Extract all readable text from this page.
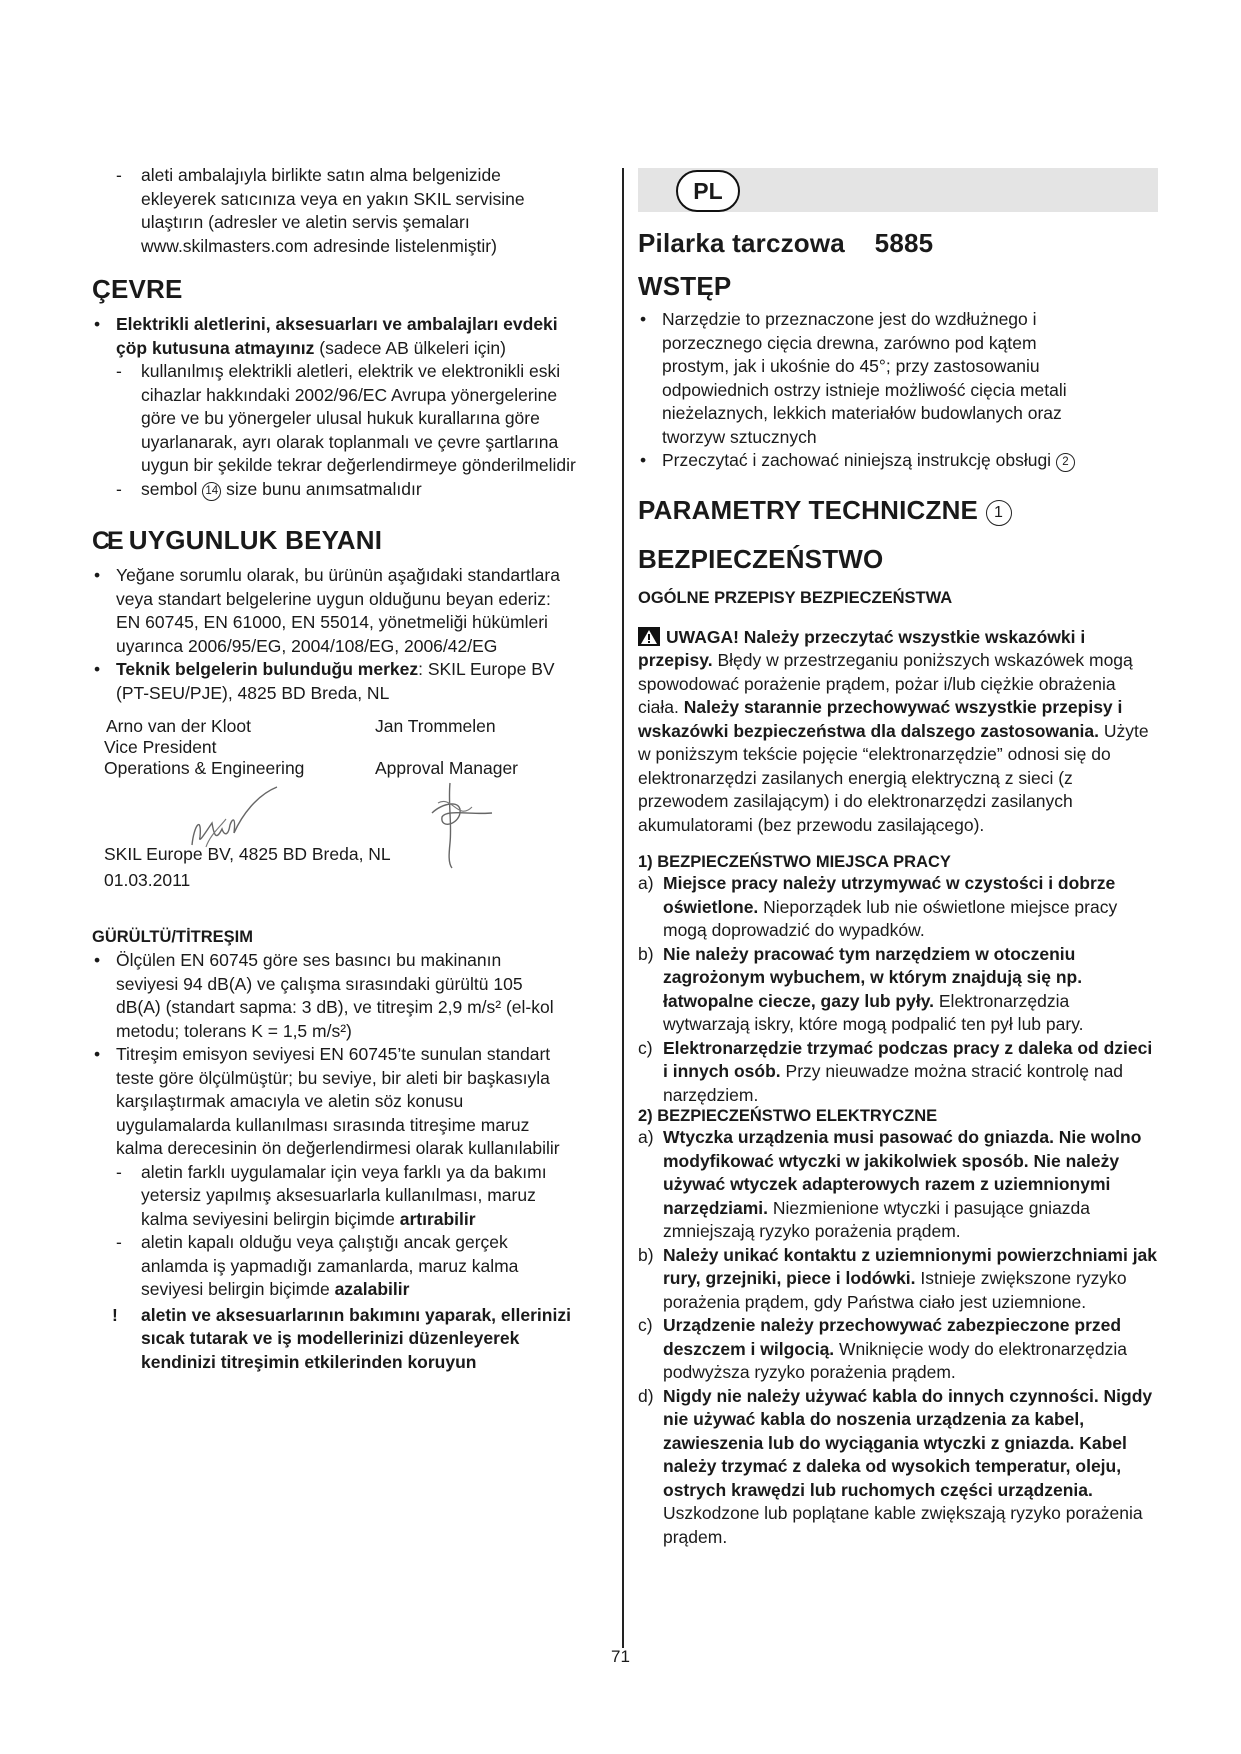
-	aleti ambalajıyla birlikte satın alma belgenizide
ekleyerek satıcınıza veya en yakın SKIL servisine
ulaştırın (adresler ve aletin servis şemaları
www.skilmasters.com adresinde listelenmiştir)
ÇEVRE
• Elektrikli aletlerini, aksesuarları ve ambalajları evdeki
çöp kutusuna atmayınız (sadece AB ülkeleri için)
- kullanılmış elektrikli aletleri, elektrik ve elektronikli eski
cihazlar hakkındaki 2002/96/EC Avrupa yönergelerine
göre ve bu yönergeler ulusal hukuk kurallarına göre
uyarlanarak, ayrı olarak toplanmalı ve çevre şartlarına
uygun bir şekilde tekrar değerlendirmeye gönderilmelidir
- sembol 14 size bunu anımsatmalıdır
CE UYGUNLUK BEYANI
• Yeğane sorumlu olarak, bu ürünün aşağıdaki standartlara
veya standart belgelerine uygun olduğunu beyan ederiz:
EN 60745, EN 61000, EN 55014, yönetmeliği hükümleri
uyarınca 2006/95/EG, 2004/108/EG, 2006/42/EG
• Teknik belgelerin bulunduğu merkez: SKIL Europe BV
(PT-SEU/PJE), 4825 BD Breda, NL
Arno van der Kloot
Vice President
Operations & Engineering
Jan Trommelen
Approval Manager
SKIL Europe BV, 4825 BD Breda, NL
01.03.2011
GÜRÜLTÜ/TİTREŞIM
• Ölçülen EN 60745 göre ses basıncı bu makinanın
seviyesi 94 dB(A) ve çalışma sırasındaki gürültü 105
dB(A) (standart sapma: 3 dB), ve titreşim 2,9 m/s² (el-kol
metodu; tolerans K = 1,5 m/s²)
• Titreşim emisyon seviyesi EN 60745’te sunulan standart
teste göre ölçülmüştür; bu seviye, bir aleti bir başkasıyla
karşılaştırmak amacıyla ve aletin söz konusu
uygulamalarda kullanılması sırasında titreşime maruz
kalma derecesinin ön değerlendirmesi olarak kullanılabilir
- aletin farklı uygulamalar için veya farklı ya da bakımı
yetersiz yapılmış aksesuarlarla kullanılması, maruz
kalma seviyesini belirgin biçimde artırabilir
- aletin kapalı olduğu veya çalıştığı ancak gerçek
anlamda iş yapmadığı zamanlarda, maruz kalma
seviyesi belirgin biçimde azalabilir
! aletin ve aksesuarlarının bakımını yaparak, ellerinizi
sıcak tutarak ve iş modellerinizi düzenleyerek
kendinizi titreşimin etkilerinden koruyun
PL
Pilarka tarczowa    5885
WSTĘP
• Narzędzie to przeznaczone jest do wzdłużnego i
porzecznego cięcia drewna, zarówno pod kątem
prostym, jak i ukośnie do 45°; przy zastosowaniu
odpowiednich ostrzy istnieje możliwość cięcia metali
nieżelaznych, lekkich materiałów budowlanych oraz
tworzyw sztucznych
• Przeczytać i zachować niniejszą instrukcję obsługi 2
PARAMETRY TECHNICZNE 1
BEZPIECZEŃSTWO
OGÓLNE PRZEPISY BEZPIECZEŃSTWA
UWAGA! Należy przeczytać wszystkie wskazówki i przepisy. Błędy w przestrzeganiu poniższych wskazówek mogą spowodować porażenie prądem, pożar i/lub ciężkie obrażenia ciała. Należy starannie przechowywać wszystkie przepisy i wskazówki bezpieczeństwa dla dalszego zastosowania. Użyte w poniższym tekście pojęcie “elektronarzędzie” odnosi się do elektronarzędzi zasilanych energią elektryczną z sieci (z przewodem zasilającym) i do elektronarzędzi zasilanych akumulatorami (bez przewodu zasilającego).
1) BEZPIECZEŃSTWO MIEJSCA PRACY
a) Miejsce pracy należy utrzymywać w czystości i dobrze oświetlone. Nieporządek lub nie oświetlone miejsce pracy mogą doprowadzić do wypadków.
b) Nie należy pracować tym narzędziem w otoczeniu zagrożonym wybuchem, w którym znajdują się np. łatwopalne ciecze, gazy lub pyły. Elektronarzędzia wytwarzają iskry, które mogą podpalić ten pył lub pary.
c) Elektronarzędzie trzymać podczas pracy z daleka od dzieci i innych osób. Przy nieuwadze można stracić kontrolę nad narzędziem.
2) BEZPIECZEŃSTWO ELEKTRYCZNE
a) Wtyczka urządzenia musi pasować do gniazda. Nie wolno modyfikować wtyczki w jakikolwiek sposób. Nie należy używać wtyczek adapterowych razem z uziemnionymi narzędziami. Niezmienione wtyczki i pasujące gniazda zmniejszają ryzyko porażenia prądem.
b) Należy unikać kontaktu z uziemnionymi powierzchniami jak rury, grzejniki, piece i lodówki. Istnieje zwiększone ryzyko porażenia prądem, gdy Państwa ciało jest uziemnione.
c) Urządzenie należy przechowywać zabezpieczone przed deszczem i wilgocią. Wniknięcie wody do elektronarzędzia podwyższa ryzyko porażenia prądem.
d) Nigdy nie należy używać kabla do innych czynności. Nigdy nie używać kabla do noszenia urządzenia za kabel, zawieszenia lub do wyciągania wtyczki z gniazda. Kabel należy trzymać z daleka od wysokich temperatur, oleju, ostrych krawędzi lub ruchomych części urządzenia. Uszkodzone lub poplątane kable zwiększają ryzyko porażenia prądem.
71
